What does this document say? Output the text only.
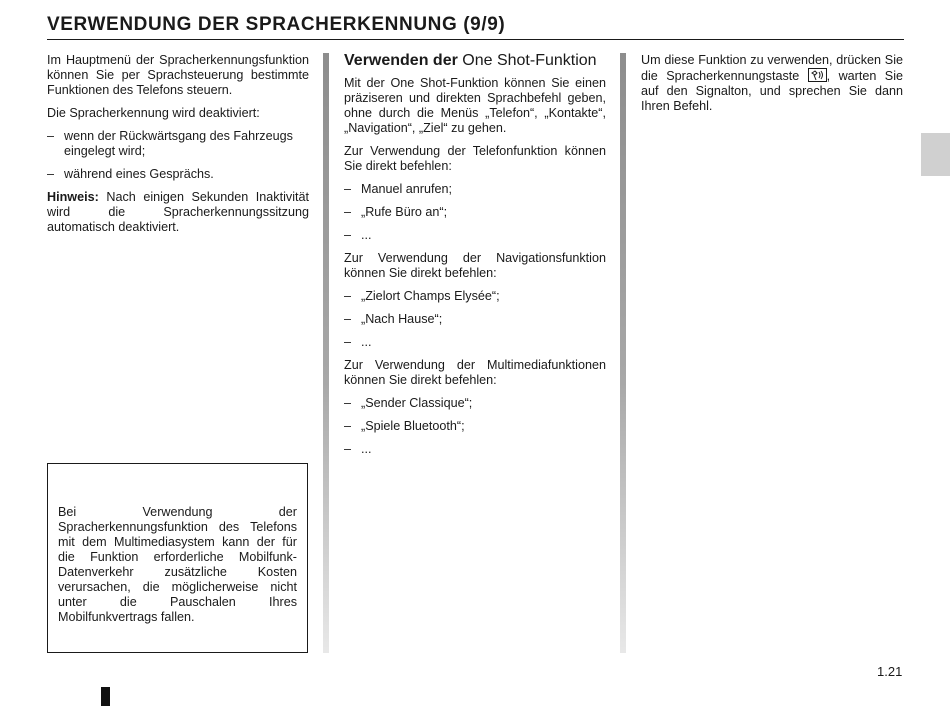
VERWENDUNG DER SPRACHERKENNUNG (9/9)

Im Hauptmenü der Spracherkennungsfunktion können Sie per Sprachsteuerung bestimmte Funktionen des Telefons steuern.

Die Spracherkennung wird deaktiviert:

– wenn der Rückwärtsgang des Fahrzeugs eingelegt wird;
– während eines Gesprächs.

Hinweis: Nach einigen Sekunden Inaktivität wird die Spracherkennungssitzung automatisch deaktiviert.

Bei Verwendung der Spracherkennungsfunktion des Telefons mit dem Multimediasystem kann der für die Funktion erforderliche Mobilfunk-Datenverkehr zusätzliche Kosten verursachen, die möglicherweise nicht unter die Pauschalen Ihres Mobilfunkvertrags fallen.
Verwenden der One Shot-Funktion

Mit der One Shot-Funktion können Sie einen präziseren und direkten Sprachbefehl geben, ohne durch die Menüs „Telefon“, „Kontakte“, „Navigation“, „Ziel“ zu gehen.

Zur Verwendung der Telefonfunktion können Sie direkt befehlen:

– Manuel anrufen;
– „Rufe Büro an“;
– ...

Zur Verwendung der Navigationsfunktion können Sie direkt befehlen:

– „Zielort Champs Elysée“;
– „Nach Hause“;
– ...

Zur Verwendung der Multimediafunktionen können Sie direkt befehlen:

– „Sender Classique“;
– „Spiele Bluetooth“;
– ...

Um diese Funktion zu verwenden, drücken Sie die Spracherkennungstaste
, warten Sie auf den Signalton, und sprechen Sie dann Ihren Befehl.

1.21
